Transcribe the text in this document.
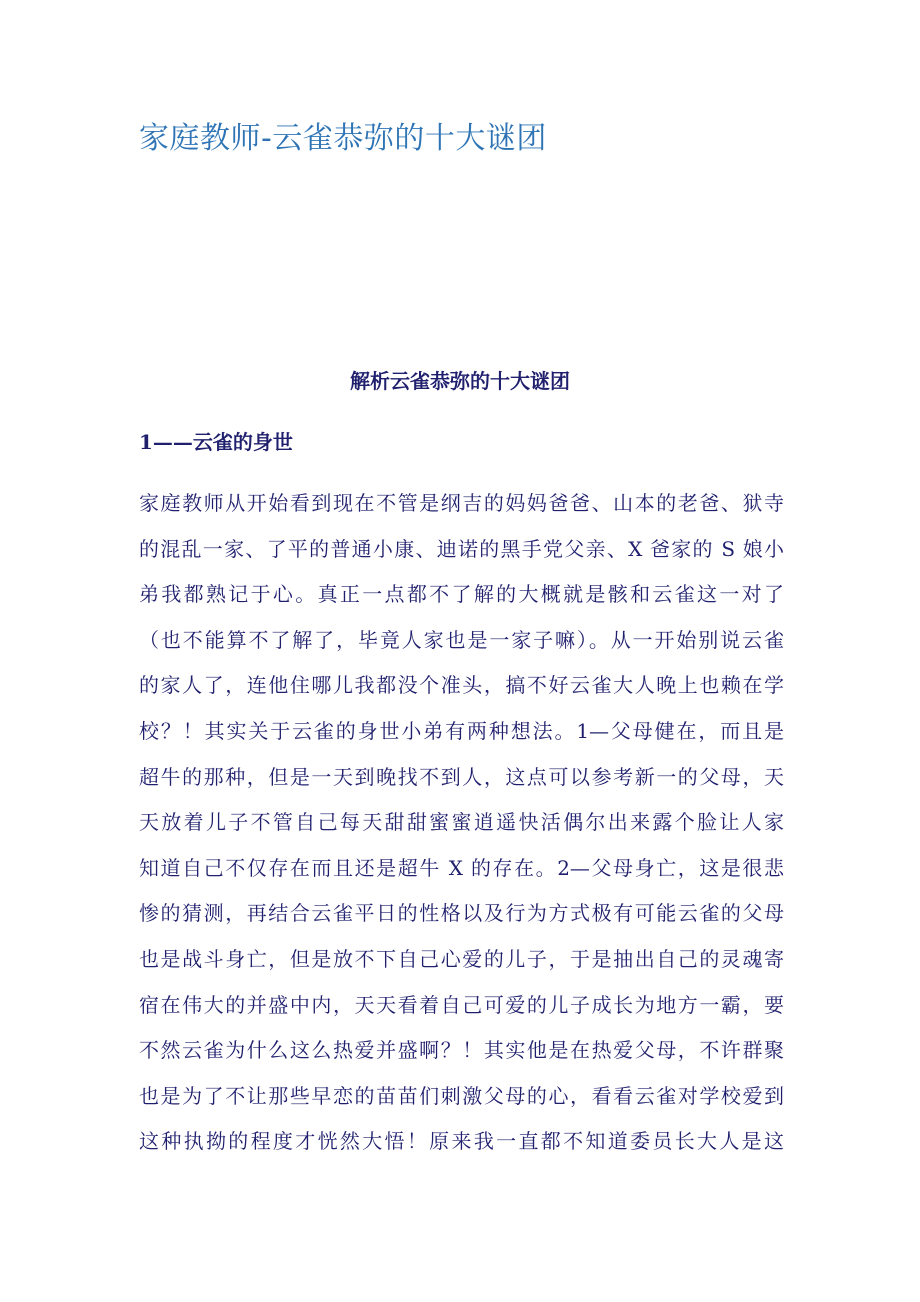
家庭教师-云雀恭弥的十大谜团
解析云雀恭弥的十大谜团
1——云雀的身世
家庭教师从开始看到现在不管是纲吉的妈妈爸爸、山本的老爸、狱寺
的混乱一家、了平的普通小康、迪诺的黑手党父亲、X 爸家的 S 娘小
弟我都熟记于心。真正一点都不了解的大概就是骸和云雀这一对了
（也不能算不了解了，毕竟人家也是一家子嘛）。从一开始别说云雀
的家人了，连他住哪儿我都没个准头，搞不好云雀大人晚上也赖在学
校？！其实关于云雀的身世小弟有两种想法。1—父母健在，而且是
超牛的那种，但是一天到晚找不到人，这点可以参考新一的父母，天
天放着儿子不管自己每天甜甜蜜蜜逍遥快活偶尔出来露个脸让人家
知道自己不仅存在而且还是超牛 X 的存在。2—父母身亡，这是很悲
惨的猜测，再结合云雀平日的性格以及行为方式极有可能云雀的父母
也是战斗身亡，但是放不下自己心爱的儿子，于是抽出自己的灵魂寄
宿在伟大的并盛中内，天天看着自己可爱的儿子成长为地方一霸，要
不然云雀为什么这么热爱并盛啊？！其实他是在热爱父母，不许群聚
也是为了不让那些早恋的苗苗们刺激父母的心，看看云雀对学校爱到
这种执拗的程度才恍然大悟！原来我一直都不知道委员长大人是这
